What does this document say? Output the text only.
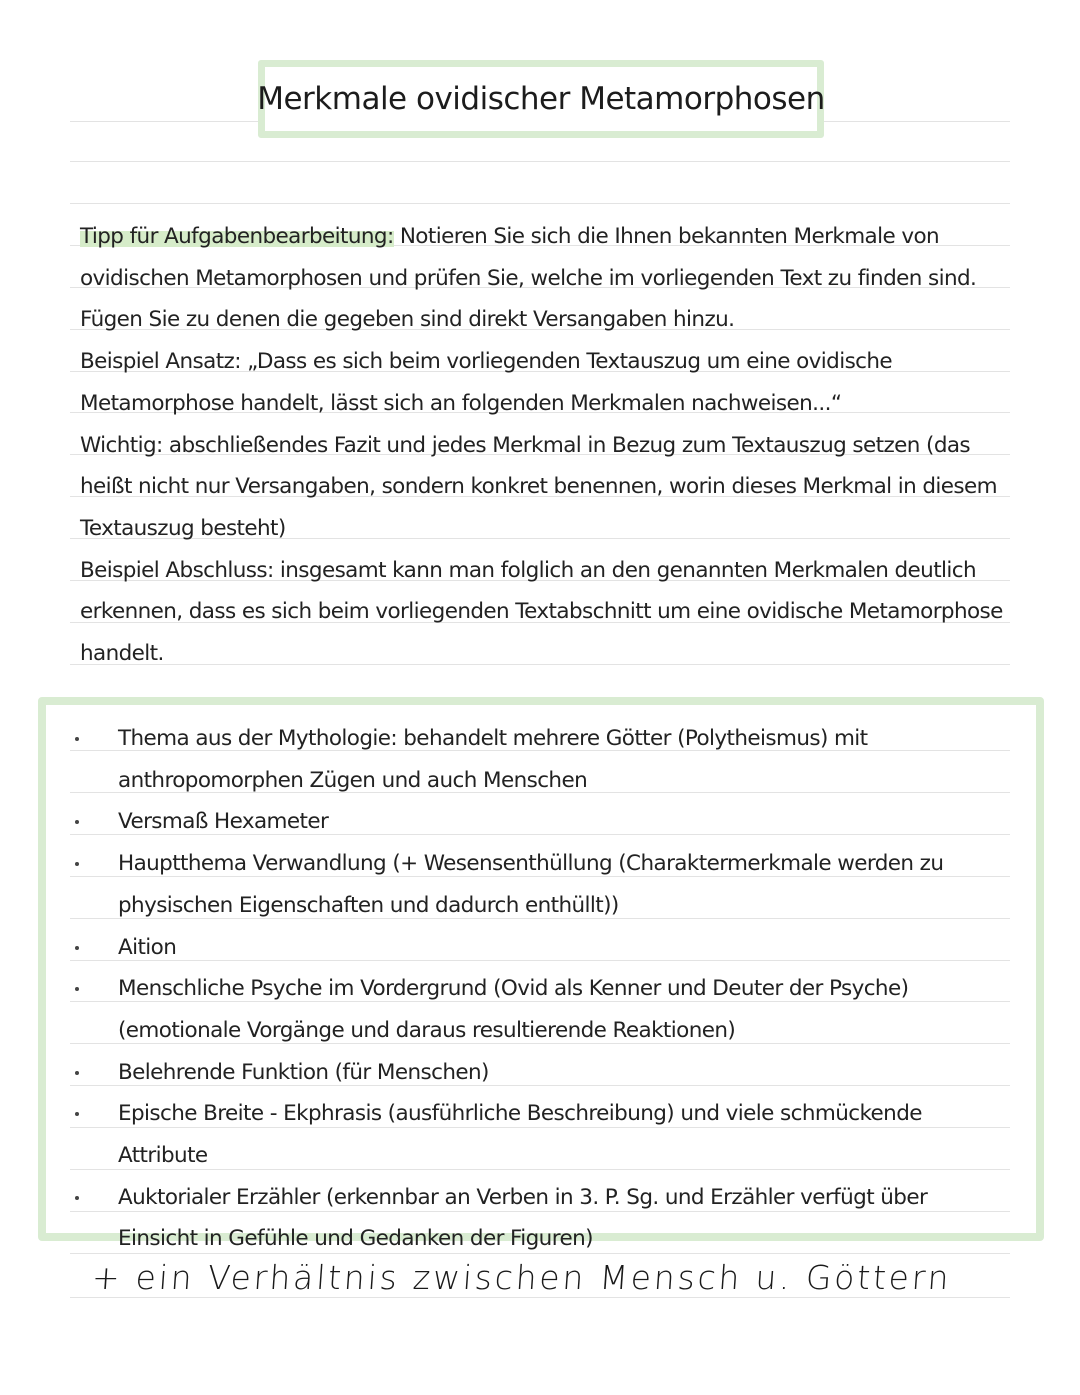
Merkmale ovidischer Metamorphosen

Tipp für Aufgabenbearbeitung: Notieren Sie sich die Ihnen bekannten Merkmale von ovidischen Metamorphosen und prüfen Sie, welche im vorliegenden Text zu finden sind. Fügen Sie zu denen die gegeben sind direkt Versangaben hinzu.

Beispiel Ansatz: „Dass es sich beim vorliegenden Textauszug um eine ovidische Metamorphose handelt, lässt sich an folgenden Merkmalen nachweisen...“

Wichtig: abschließendes Fazit und jedes Merkmal in Bezug zum Textauszug setzen (das heißt nicht nur Versangaben, sondern konkret benennen, worin dieses Merkmal in diesem Textauszug besteht)

Beispiel Abschluss: insgesamt kann man folglich an den genannten Merkmalen deutlich erkennen, dass es sich beim vorliegenden Textabschnitt um eine ovidische Metamorphose handelt.

Thema aus der Mythologie: behandelt mehrere Götter (Polytheismus) mit anthropomorphen Zügen und auch Menschen
Versmaß Hexameter
Hauptthema Verwandlung (+ Wesensenthüllung (Charaktermerkmale werden zu physischen Eigenschaften und dadurch enthüllt))
Aition
Menschliche Psyche im Vordergrund (Ovid als Kenner und Deuter der Psyche) (emotionale Vorgänge und daraus resultierende Reaktionen)
Belehrende Funktion (für Menschen)
Epische Breite - Ekphrasis (ausführliche Beschreibung) und viele schmückende Attribute
Auktorialer Erzähler (erkennbar an Verben in 3. P. Sg. und Erzähler verfügt über Einsicht in Gefühle und Gedanken der Figuren)
+ ein Verhältnis zwischen Mensch u. Göttern
